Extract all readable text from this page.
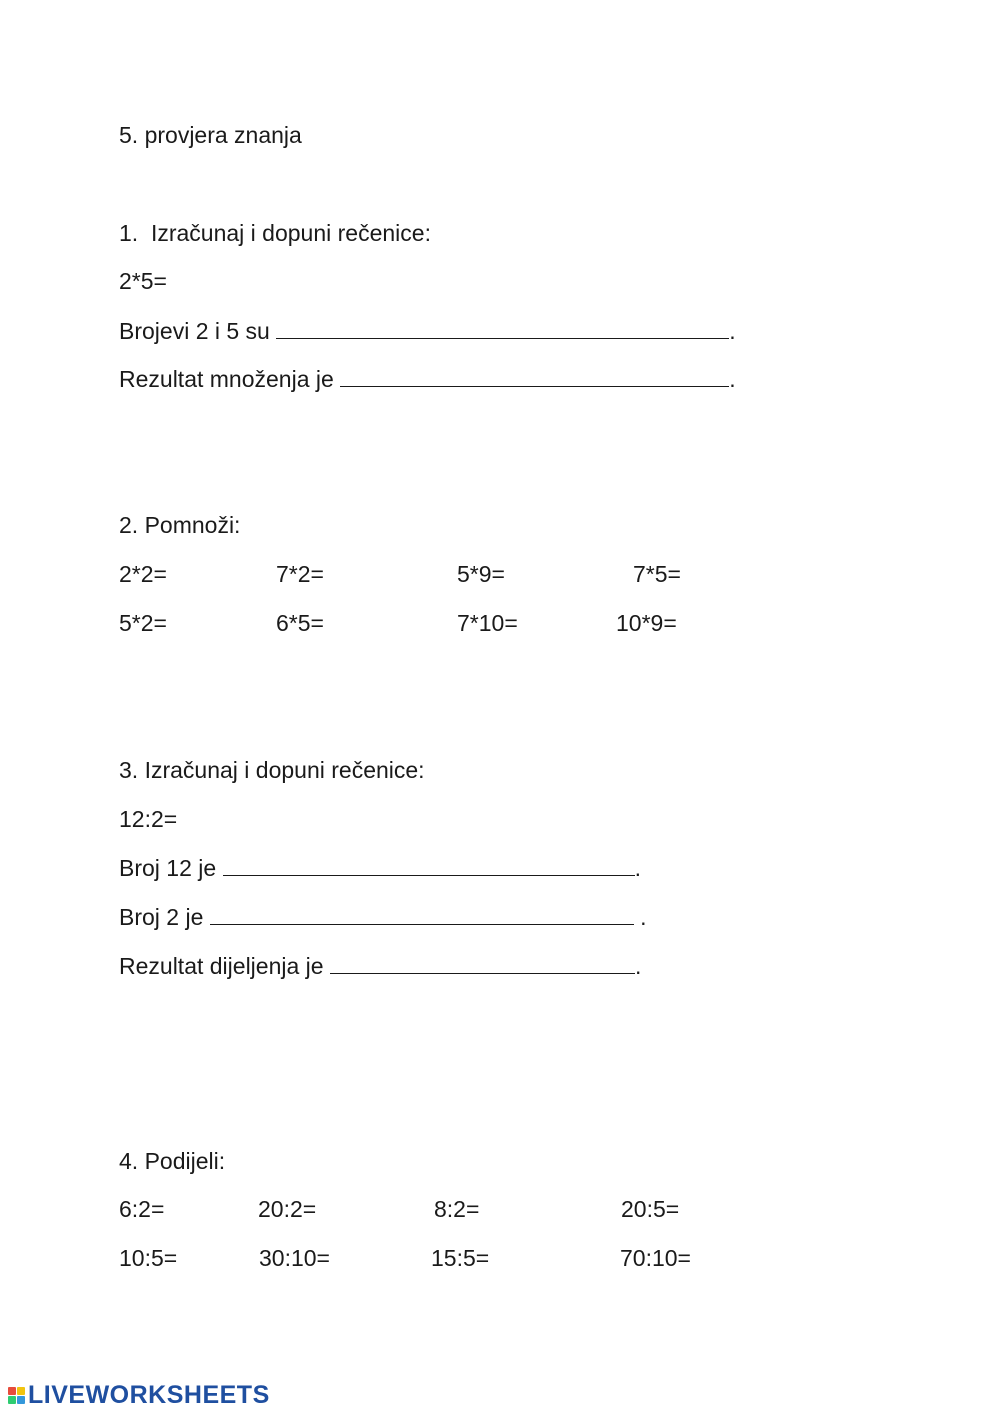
5. provjera znanja
1.  Izračunaj i dopuni rečenice:
2*5=
Brojevi 2 i 5 su	.
Rezultat množenja je	.
2. Pomnoži:
2*2=	7*2=	5*9=	7*5=
5*2=	6*5=	7*10=	10*9=
3. Izračunaj i dopuni rečenice:
12:2=
Broj 12 je	.
Broj 2 je	.
Rezultat dijeljenja je	.
4. Podijeli:
6:2=	20:2=	8:2=	20:5=
10:5=	30:10=	15:5=	70:10=
LIVEWORKSHEETS
